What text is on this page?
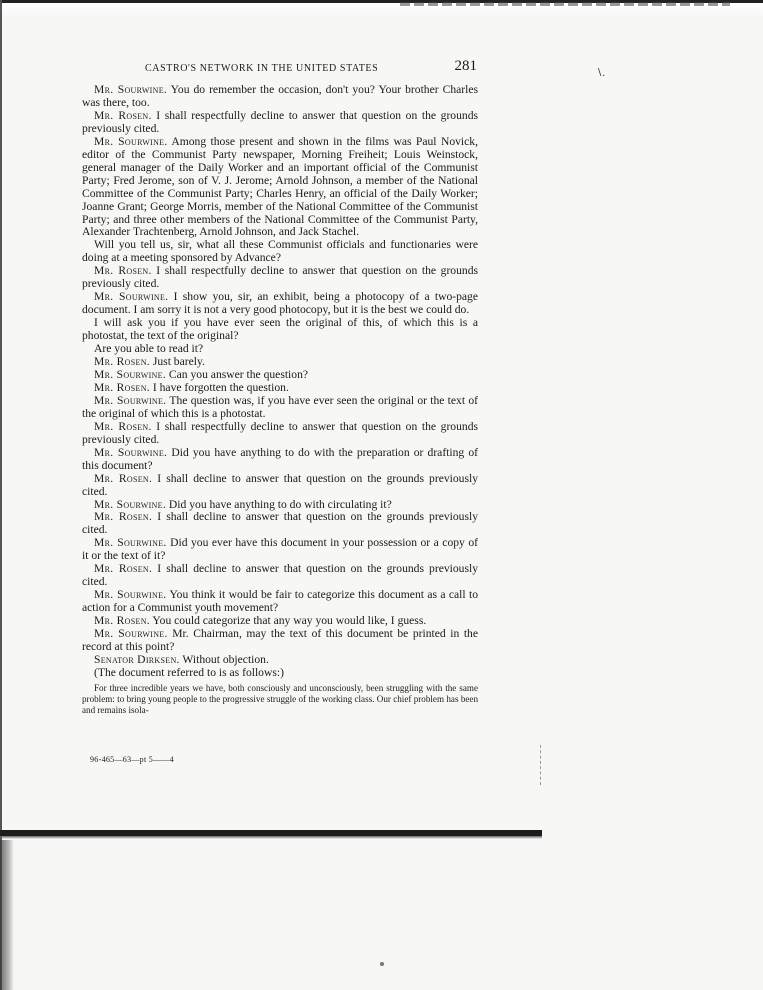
∖.
CASTRO'S NETWORK IN THE UNITED STATES	281

Mr. Sourwine. You do remember the occasion, don't you? Your brother Charles was there, too.

Mr. Rosen. I shall respectfully decline to answer that question on the grounds previously cited.

Mr. Sourwine. Among those present and shown in the films was Paul Novick, editor of the Communist Party newspaper, Morning Freiheit; Louis Weinstock, general manager of the Daily Worker and an important official of the Communist Party; Fred Jerome, son of V. J. Jerome; Arnold Johnson, a member of the National Committee of the Communist Party; Charles Henry, an official of the Daily Worker; Joanne Grant; George Morris, member of the National Committee of the Communist Party; and three other members of the National Committee of the Communist Party, Alexander Trachtenberg, Arnold Johnson, and Jack Stachel.

Will you tell us, sir, what all these Communist officials and functionaries were doing at a meeting sponsored by Advance?

Mr. Rosen. I shall respectfully decline to answer that question on the grounds previously cited.

Mr. Sourwine. I show you, sir, an exhibit, being a photocopy of a two-page document. I am sorry it is not a very good photocopy, but it is the best we could do.

I will ask you if you have ever seen the original of this, of which this is a photostat, the text of the original?

Are you able to read it?

Mr. Rosen. Just barely.

Mr. Sourwine. Can you answer the question?

Mr. Rosen. I have forgotten the question.

Mr. Sourwine. The question was, if you have ever seen the original or the text of the original of which this is a photostat.

Mr. Rosen. I shall respectfully decline to answer that question on the grounds previously cited.

Mr. Sourwine. Did you have anything to do with the preparation or drafting of this document?

Mr. Rosen. I shall decline to answer that question on the grounds previously cited.

Mr. Sourwine. Did you have anything to do with circulating it?

Mr. Rosen. I shall decline to answer that question on the grounds previously cited.

Mr. Sourwine. Did you ever have this document in your possession or a copy of it or the text of it?

Mr. Rosen. I shall decline to answer that question on the grounds previously cited.

Mr. Sourwine. You think it would be fair to categorize this document as a call to action for a Communist youth movement?

Mr. Rosen. You could categorize that any way you would like, I guess.

Mr. Sourwine. Mr. Chairman, may the text of this document be printed in the record at this point?

Senator Dirksen. Without objection.

(The document referred to is as follows:)

For three incredible years we have, both consciously and unconsciously, been struggling with the same problem: to bring young people to the progressive struggle of the working class. Our chief problem has been and remains isola-

96-465—63—pt 5——4
